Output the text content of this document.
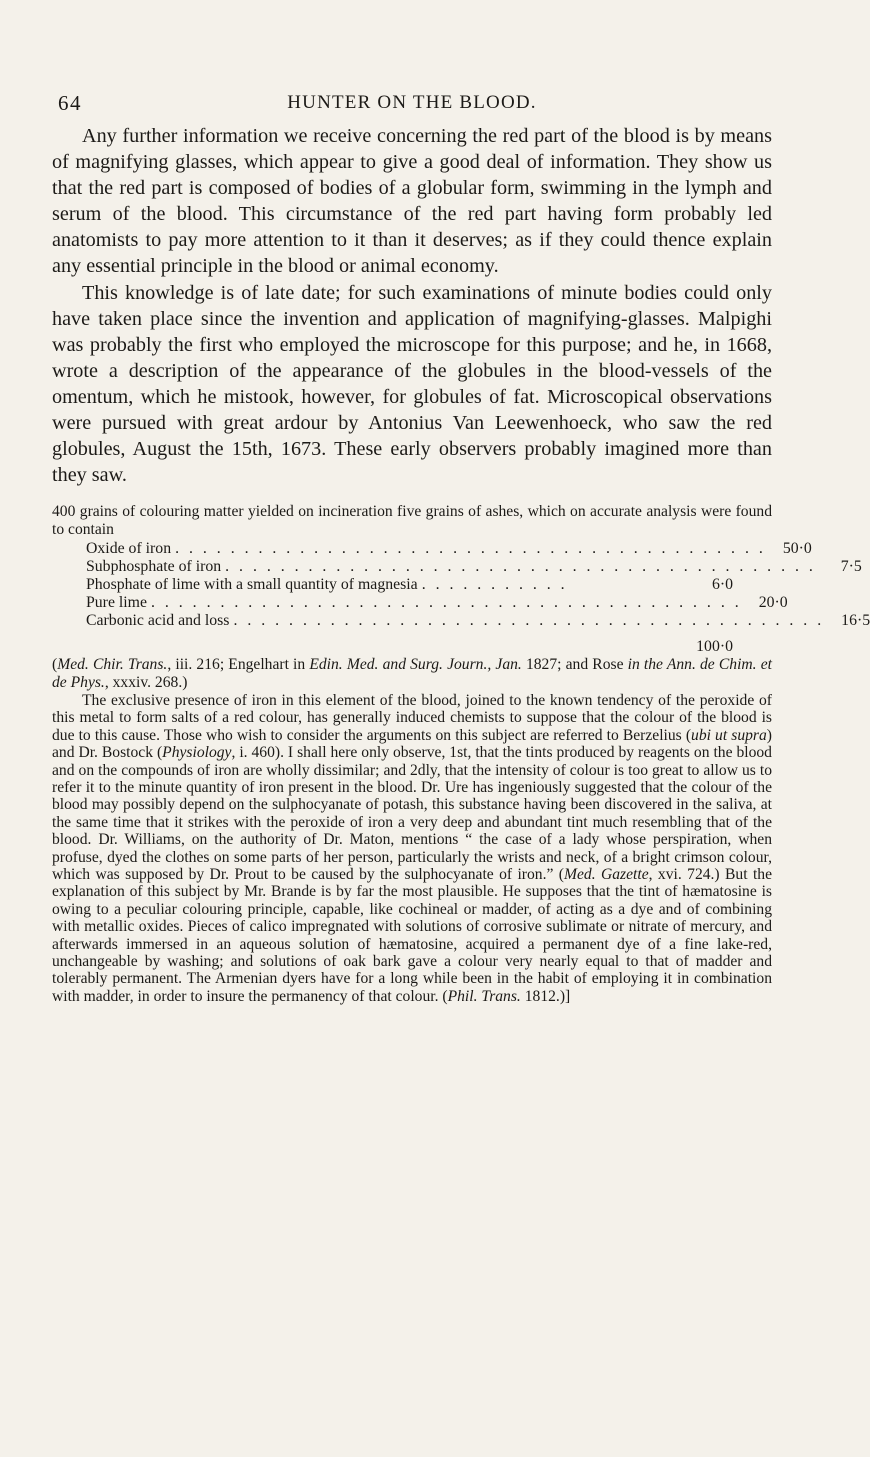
64	HUNTER ON THE BLOOD.

Any further information we receive concerning the red part of the blood is by means of magnifying glasses, which appear to give a good deal of information. They show us that the red part is composed of bodies of a globular form, swimming in the lymph and serum of the blood. This circumstance of the red part having form probably led anatomists to pay more attention to it than it deserves; as if they could thence explain any essential principle in the blood or animal economy.

This knowledge is of late date; for such examinations of minute bodies could only have taken place since the invention and application of magnifying-glasses. Malpighi was probably the first who employed the microscope for this purpose; and he, in 1668, wrote a description of the appearance of the globules in the blood-vessels of the omentum, which he mistook, however, for globules of fat. Microscopical observations were pursued with great ardour by Antonius Van Leewenhoeck, who saw the red globules, August the 15th, 1673. These early observers probably imagined more than they saw.

400 grains of colouring matter yielded on incineration five grains of ashes, which on accurate analysis were found to contain

Oxide of iron . . . . . . . . . . . . . . . . . . . . . . . . . . . . . . . . . . . . . . . . . . .	50·0
Subphosphate of iron . . . . . . . . . . . . . . . . . . . . . . . . . . . . . . . . . . . . . . . . . . .	7·5
Phosphate of lime with a small quantity of magnesia . . . . . . . . . . .	6·0
Pure lime . . . . . . . . . . . . . . . . . . . . . . . . . . . . . . . . . . . . . . . . . . .	20·0
Carbonic acid and loss . . . . . . . . . . . . . . . . . . . . . . . . . . . . . . . . . . . . . . . . . . .	16·5
100·0

(Med. Chir. Trans., iii. 216; Engelhart in Edin. Med. and Surg. Journ., Jan. 1827; and Rose in the Ann. de Chim. et de Phys., xxxiv. 268.)

The exclusive presence of iron in this element of the blood, joined to the known tendency of the peroxide of this metal to form salts of a red colour, has generally induced chemists to suppose that the colour of the blood is due to this cause. Those who wish to consider the arguments on this subject are referred to Berzelius (ubi ut supra) and Dr. Bostock (Physiology, i. 460). I shall here only observe, 1st, that the tints produced by reagents on the blood and on the compounds of iron are wholly dissimilar; and 2dly, that the intensity of colour is too great to allow us to refer it to the minute quantity of iron present in the blood. Dr. Ure has ingeniously suggested that the colour of the blood may possibly depend on the sulphocyanate of potash, this substance having been discovered in the saliva, at the same time that it strikes with the peroxide of iron a very deep and abundant tint much resembling that of the blood. Dr. Williams, on the authority of Dr. Maton, mentions “ the case of a lady whose perspiration, when profuse, dyed the clothes on some parts of her person, particularly the wrists and neck, of a bright crimson colour, which was supposed by Dr. Prout to be caused by the sulphocyanate of iron.” (Med. Gazette, xvi. 724.) But the explanation of this subject by Mr. Brande is by far the most plausible. He supposes that the tint of hæmatosine is owing to a peculiar colouring principle, capable, like cochineal or madder, of acting as a dye and of combining with metallic oxides. Pieces of calico impregnated with solutions of corrosive sublimate or nitrate of mercury, and afterwards immersed in an aqueous solution of hæmatosine, acquired a permanent dye of a fine lake-red, unchangeable by washing; and solutions of oak bark gave a colour very nearly equal to that of madder and tolerably permanent. The Armenian dyers have for a long while been in the habit of employing it in combination with madder, in order to insure the permanency of that colour. (Phil. Trans. 1812.)]
